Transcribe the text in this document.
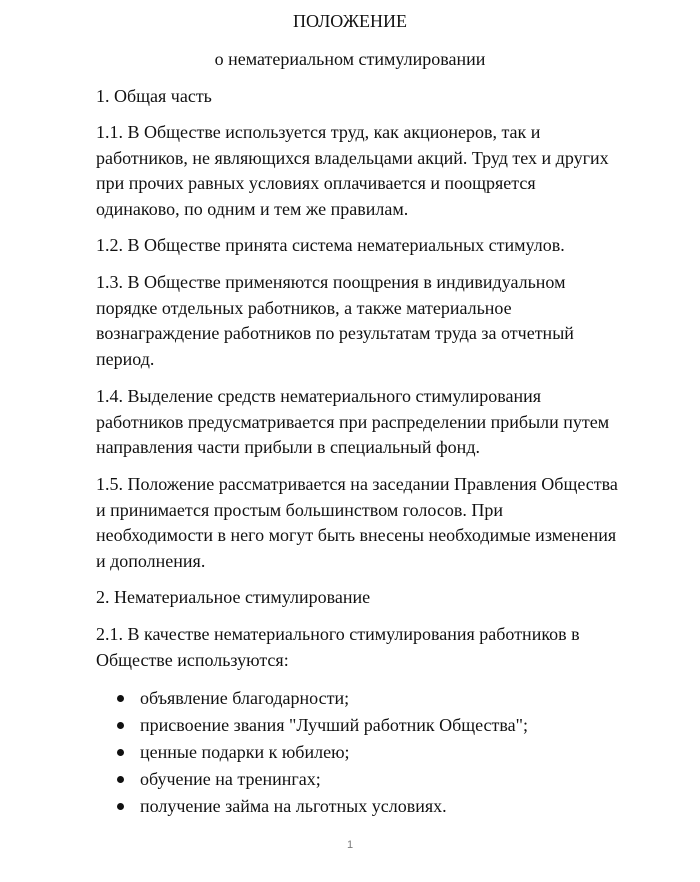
ПОЛОЖЕНИЕ
о нематериальном стимулировании

1. Общая часть

1.1. В Обществе используется труд, как акционеров, так и
работников, не являющихся владельцами акций. Труд тех и других
при прочих равных условиях оплачивается и поощряется
одинаково, по одним и тем же правилам.

1.2. В Обществе принята система нематериальных стимулов.

1.3. В Обществе применяются поощрения в индивидуальном
порядке отдельных работников, а также материальное
вознаграждение работников по результатам труда за отчетный
период.

1.4. Выделение средств нематериального стимулирования
работников предусматривается при распределении прибыли путем
направления части прибыли в специальный фонд.

1.5. Положение рассматривается на заседании Правления Общества
и принимается простым большинством голосов. При
необходимости в него могут быть внесены необходимые изменения
и дополнения.

2. Нематериальное стимулирование

2.1. В качестве нематериального стимулирования работников в
Обществе используются:

объявление благодарности;
присвоение звания "Лучший работник Общества";
ценные подарки к юбилею;
обучение на тренингах;
получение займа на льготных условиях.
1
